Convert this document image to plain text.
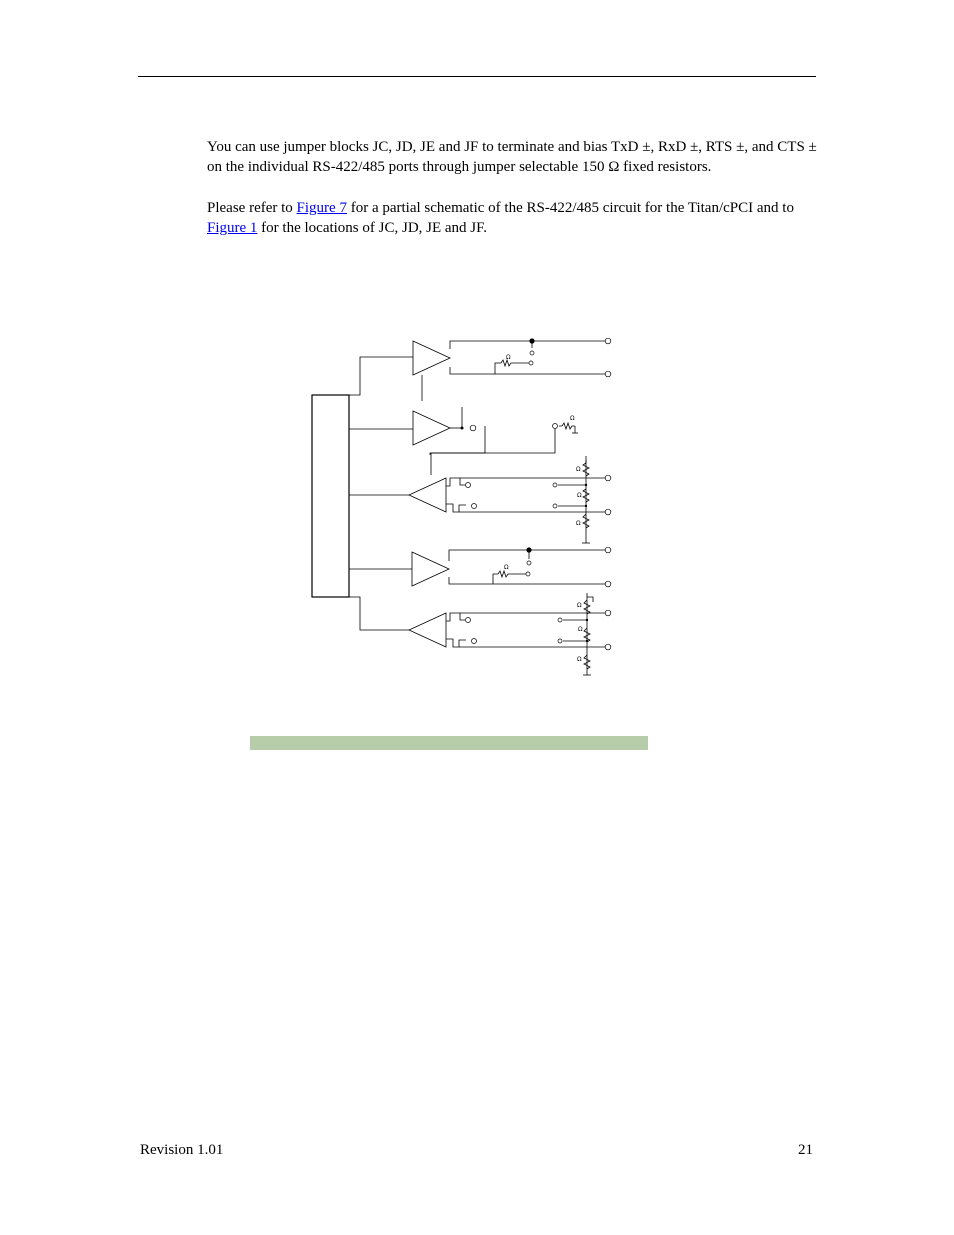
You can use jumper blocks JC, JD, JE and JF to terminate and bias TxD ±, RxD ±, RTS ±, and CTS ± on the individual RS-422/485 ports through jumper selectable 150 Ω fixed resistors.

Please refer to Figure 7 for a partial schematic of the RS-422/485 circuit for the Titan/cPCI and to Figure 1 for the locations of JC, JD, JE and JF.

Ω
Ω
Ω
Ω
Ω
Ω
Ω
Ω
Ω
Revision 1.01	21
